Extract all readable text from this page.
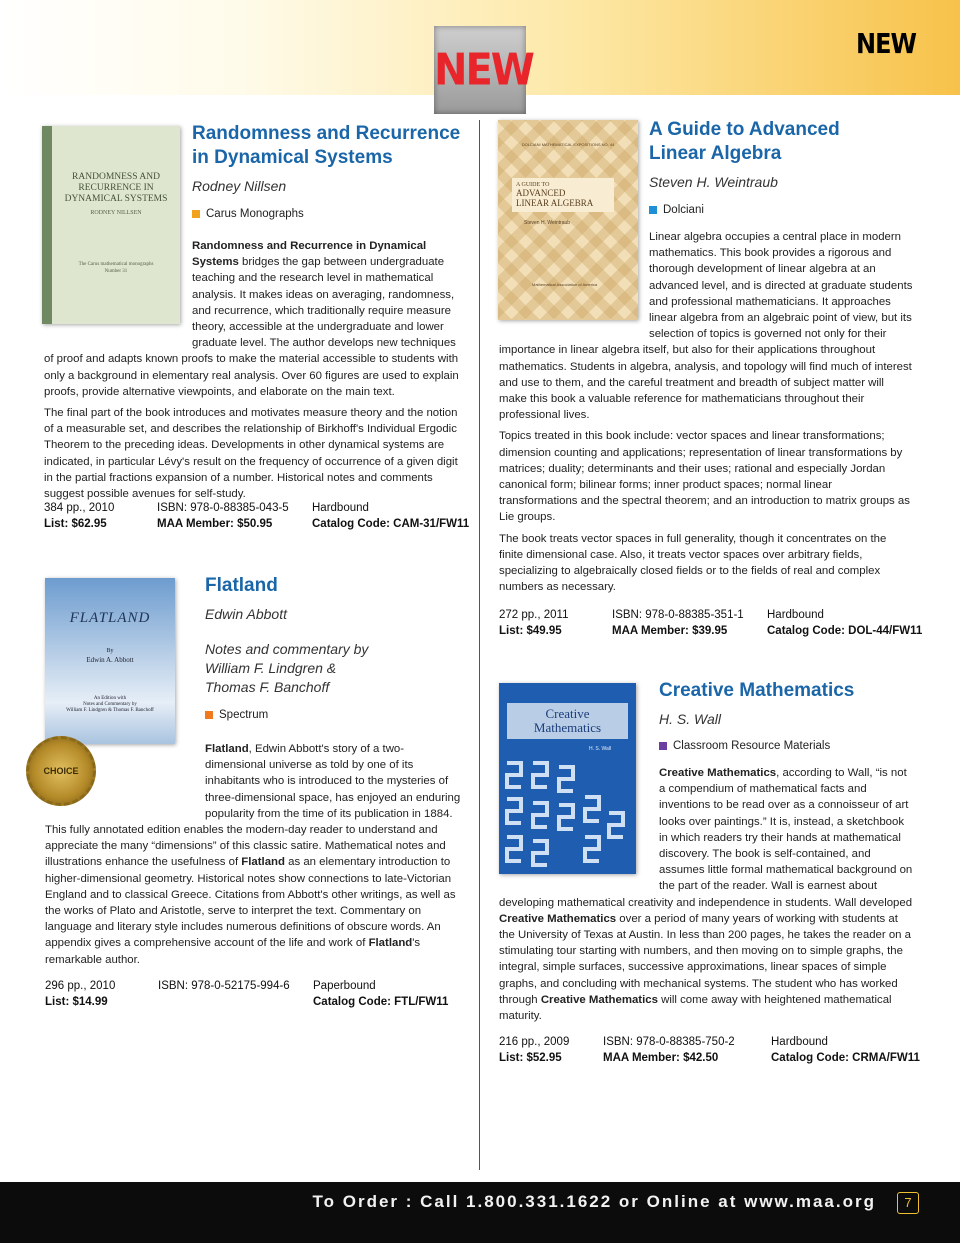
NEW
NEW
RANDOMNESS AND
RECURRENCE IN
DYNAMICAL SYSTEMS
RODNEY NILLSEN
The Carus mathematical monographs
Number 31
Randomness and Recurrence
in Dynamical Systems
Rodney Nillsen
Carus Monographs

Randomness and Recurrence in Dynamical Systems bridges the gap between undergraduate teaching and the research level in mathematical analysis. It makes ideas on averaging, randomness, and recurrence, which traditionally require measure theory, accessible at the undergraduate and lower graduate level. The author develops new techniques of proof and adapts known proofs to make the material accessible to students with only a background in elementary real analysis. Over 60 figures are used to explain proofs, provide alternative viewpoints, and elaborate on the main text.

The final part of the book introduces and motivates measure theory and the notion of a measurable set, and describes the relationship of Birkhoff's Individual Ergodic Theorem to the preceding ideas. Developments in other dynamical systems are indicated, in particular Lévy's result on the frequency of occurrence of a given digit in the partial fractions expansion of a number. Historical notes and comments suggest possible avenues for self-study.

384 pp., 2010
List: $62.95
ISBN: 978-0-88385-043-5
MAA Member: $50.95
Hardbound
Catalog Code: CAM-31/FW11
FLATLAND
By
Edwin A. Abbott
An Edition with
Notes and Commentary by
William F. Lindgren & Thomas F. Banchoff
CHOICE
Flatland
Edwin Abbott
Notes and commentary by
William F. Lindgren &
Thomas F. Banchoff
Spectrum

Flatland, Edwin Abbott's story of a two-dimensional universe as told by one of its inhabitants who is introduced to the mysteries of three-dimensional space, has enjoyed an enduring popularity from the time of its publication in 1884. This fully annotated edition enables the modern-day reader to understand and appreciate the many “dimensions” of this classic satire. Mathematical notes and illustrations enhance the usefulness of Flatland as an elementary introduction to higher-dimensional geometry. Historical notes show connections to late-Victorian England and to classical Greece. Citations from Abbott's other writings, as well as the works of Plato and Aristotle, serve to interpret the text. Commentary on language and literary style includes numerous definitions of obscure words. An appendix gives a comprehensive account of the life and work of Flatland's remarkable author.

296 pp., 2010
List: $14.99
ISBN: 978-0-52175-994-6 Paperbound
Catalog Code: FTL/FW11
DOLCIANI MATHEMATICAL EXPOSITIONS NO. 44
A GUIDE TO
ADVANCED
LINEAR ALGEBRA
Steven H. Weintraub
Mathematical Association of America
A Guide to Advanced
Linear Algebra
Steven H. Weintraub
Dolciani

Linear algebra occupies a central place in modern mathematics. This book provides a rigorous and thorough development of linear algebra at an advanced level, and is directed at graduate students and professional mathematicians. It approaches linear algebra from an algebraic point of view, but its selection of topics is governed not only for their importance in linear algebra itself, but also for their applications throughout mathematics. Students in algebra, analysis, and topology will find much of interest and use to them, and the careful treatment and breadth of subject matter will make this book a valuable reference for mathematicians throughout their professional lives.

Topics treated in this book include: vector spaces and linear transformations; dimension counting and applications; representation of linear transformations by matrices; duality; determinants and their uses; rational and especially Jordan canonical form; bilinear forms; inner product spaces; normal linear transformations and the spectral theorem; and an introduction to matrix groups as Lie groups.

The book treats vector spaces in full generality, though it concentrates on the finite dimensional case. Also, it treats vector spaces over arbitrary fields, specializing to algebraically closed fields or to the fields of real and complex numbers as necessary.

272 pp., 2011
List: $49.95
ISBN: 978-0-88385-351-1
MAA Member: $39.95
Hardbound
Catalog Code: DOL-44/FW11
Creative
Mathematics
H. S. Wall
Creative Mathematics
H. S. Wall
Classroom Resource Materials

Creative Mathematics, according to Wall, “is not a compendium of mathematical facts and inventions to be read over as a connoisseur of art looks over paintings.” It is, instead, a sketchbook in which readers try their hands at mathematical discovery. The book is self-contained, and assumes little formal mathematical background on the part of the reader. Wall is earnest about developing mathematical creativity and independence in students. Wall developed Creative Mathematics over a period of many years of working with students at the University of Texas at Austin. In less than 200 pages, he takes the reader on a stimulating tour starting with numbers, and then moving on to simple graphs, the integral, simple surfaces, successive approximations, linear spaces of simple graphs, and concluding with mechanical systems. The student who has worked through Creative Mathematics will come away with heightened mathematical maturity.

216 pp., 2009
List: $52.95
ISBN: 978-0-88385-750-2
MAA Member: $42.50
Hardbound
Catalog Code: CRMA/FW11
To Order : Call 1.800.331.1622 or Online at www.maa.org	7
